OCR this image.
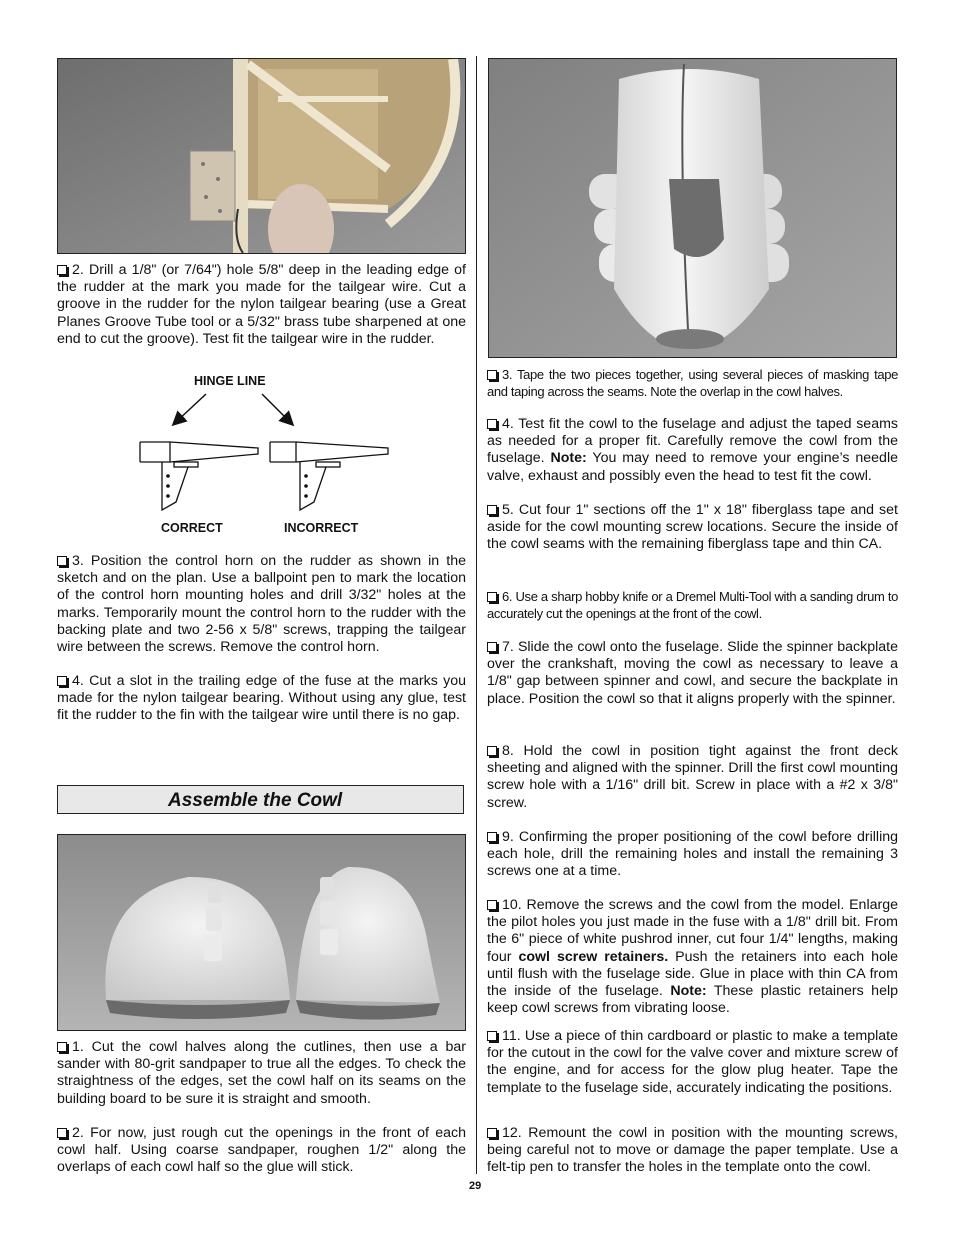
2. Drill a 1/8" (or 7/64") hole 5/8" deep in the leading edge of the rudder at the mark you made for the tailgear wire. Cut a groove in the rudder for the nylon tailgear bearing (use a Great Planes Groove Tube tool or a 5/32" brass tube sharpened at one end to cut the groove). Test fit the tailgear wire in the rudder.

HINGE LINE

CORRECT	INCORRECT

3. Position the control horn on the rudder as shown in the sketch and on the plan. Use a ballpoint pen to mark the location of the control horn mounting holes and drill 3/32" holes at the marks. Temporarily mount the control horn to the rudder with the backing plate and two 2-56 x 5/8" screws, trapping the tailgear wire between the screws. Remove the control horn.

4. Cut a slot in the trailing edge of the fuse at the marks you made for the nylon tailgear bearing. Without using any glue, test fit the rudder to the fin with the tailgear wire until there is no gap.

Assemble the Cowl

1. Cut the cowl halves along the cutlines, then use a bar sander with 80-grit sandpaper to true all the edges. To check the straightness of the edges, set the cowl half on its seams on the building board to be sure it is straight and smooth.

2. For now, just rough cut the openings in the front of each cowl half. Using coarse sandpaper, roughen 1/2" along the overlaps of each cowl half so the glue will stick.

3. Tape the two pieces together, using several pieces of masking tape and taping across the seams. Note the overlap in the cowl halves.

4. Test fit the cowl to the fuselage and adjust the taped seams as needed for a proper fit. Carefully remove the cowl from the fuselage. Note: You may need to remove your engine’s needle valve, exhaust and possibly even the head to test fit the cowl.

5. Cut four 1" sections off the 1" x 18" fiberglass tape and set aside for the cowl mounting screw locations. Secure the inside of the cowl seams with the remaining fiberglass tape and thin CA.

6. Use a sharp hobby knife or a Dremel Multi-Tool with a sanding drum to accurately cut the openings at the front of the cowl.

7. Slide the cowl onto the fuselage. Slide the spinner backplate over the crankshaft, moving the cowl as necessary to leave a 1/8" gap between spinner and cowl, and secure the backplate in place. Position the cowl so that it aligns properly with the spinner.

8. Hold the cowl in position tight against the front deck sheeting and aligned with the spinner. Drill the first cowl mounting screw hole with a 1/16" drill bit. Screw in place with a #2 x 3/8" screw.

9. Confirming the proper positioning of the cowl before drilling each hole, drill the remaining holes and install the remaining 3 screws one at a time.

10. Remove the screws and the cowl from the model. Enlarge the pilot holes you just made in the fuse with a 1/8" drill bit. From the 6" piece of white pushrod inner, cut four 1/4" lengths, making four cowl screw retainers. Push the retainers into each hole until flush with the fuselage side. Glue in place with thin CA from the inside of the fuselage. Note: These plastic retainers help keep cowl screws from vibrating loose.

11. Use a piece of thin cardboard or plastic to make a template for the cutout in the cowl for the valve cover and mixture screw of the engine, and for access for the glow plug heater. Tape the template to the fuselage side, accurately indicating the positions.

12. Remount the cowl in position with the mounting screws, being careful not to move or damage the paper template. Use a felt-tip pen to transfer the holes in the template onto the cowl.

29
